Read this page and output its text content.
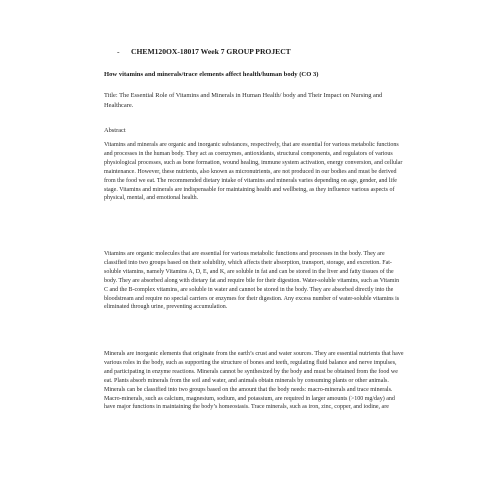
- CHEM120OX-18017 Week 7 GROUP PROJECT
How vitamins and minerals/trace elements affect health/human body (CO 3)
Title: The Essential Role of Vitamins and Minerals in Human Health/ body and Their Impact on Nursing and Healthcare.
Abstract
Vitamins and minerals are organic and inorganic substances, respectively, that are essential for various metabolic functions and processes in the human body. They act as coenzymes, antioxidants, structural components, and regulators of various physiological processes, such as bone formation, wound healing, immune system activation, energy conversion, and cellular maintenance. However, these nutrients, also known as micronutrients, are not produced in our bodies and must be derived from the food we eat. The recommended dietary intake of vitamins and minerals varies depending on age, gender, and life stage. Vitamins and minerals are indispensable for maintaining health and wellbeing, as they influence various aspects of physical, mental, and emotional health.
Vitamins are organic molecules that are essential for various metabolic functions and processes in the body. They are classified into two groups based on their solubility, which affects their absorption, transport, storage, and excretion. Fat-soluble vitamins, namely Vitamins A, D, E, and K, are soluble in fat and can be stored in the liver and fatty tissues of the body. They are absorbed along with dietary fat and require bile for their digestion. Water-soluble vitamins, such as Vitamin C and the B-complex vitamins, are soluble in water and cannot be stored in the body. They are absorbed directly into the bloodstream and require no special carriers or enzymes for their digestion. Any excess number of water-soluble vitamins is eliminated through urine, preventing accumulation.
Minerals are inorganic elements that originate from the earth’s crust and water sources. They are essential nutrients that have various roles in the body, such as supporting the structure of bones and teeth, regulating fluid balance and nerve impulses, and participating in enzyme reactions. Minerals cannot be synthesized by the body and must be obtained from the food we eat. Plants absorb minerals from the soil and water, and animals obtain minerals by consuming plants or other animals. Minerals can be classified into two groups based on the amount that the body needs: macro-minerals and trace minerals. Macro-minerals, such as calcium, magnesium, sodium, and potassium, are required in larger amounts (>100 mg/day) and have major functions in maintaining the body’s homeostasis. Trace minerals, such as iron, zinc, copper, and iodine, are
